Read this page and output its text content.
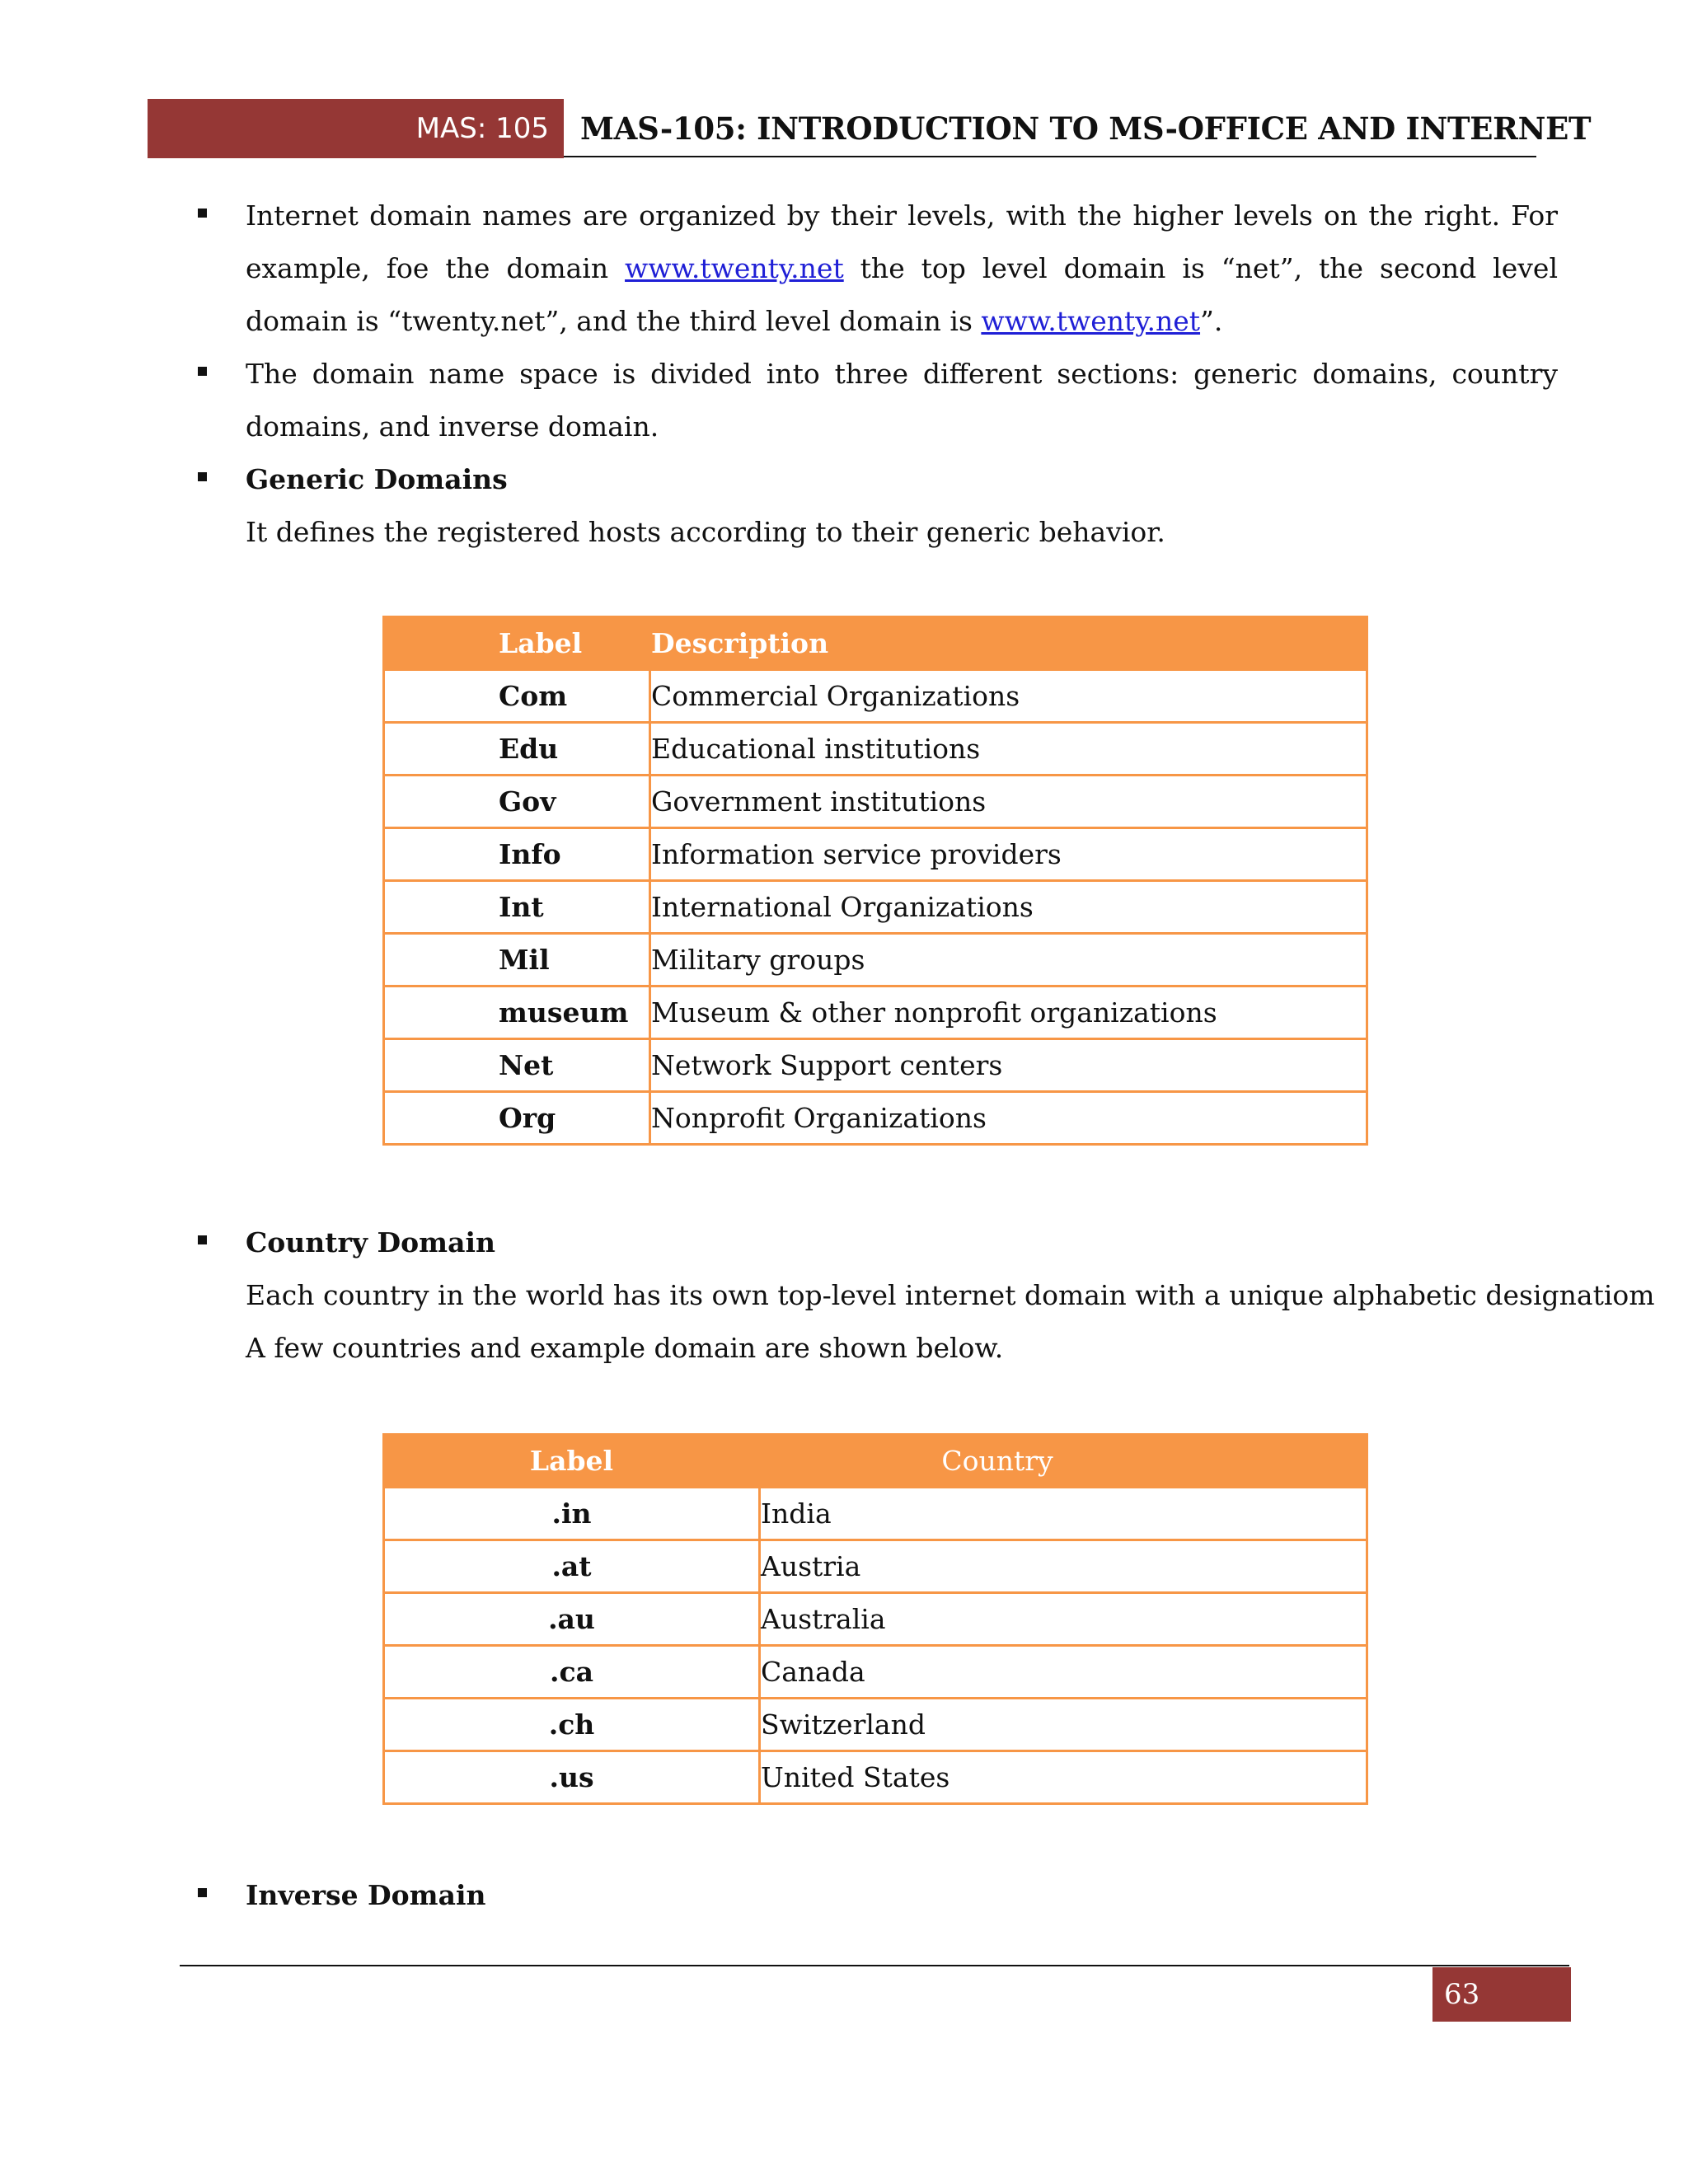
MAS: 105	MAS-105: INTRODUCTION TO MS-OFFICE AND INTERNET
Internet domain names are organized by their levels, with the higher levels on the right. For example, foe the domain www.twenty.net the top level domain is “net”, the second level domain is “twenty.net”, and the third level domain is www.twenty.net”.
The domain name space is divided into three different sections: generic domains, country domains, and inverse domain.
Generic Domains
It defines the registered hosts according to their generic behavior.
Label	Description
Com	Commercial Organizations
Edu	Educational institutions
Gov	Government institutions
Info	Information service providers
Int	International Organizations
Mil	Military groups
museum	Museum & other nonprofit organizations
Net	Network Support centers
Org	Nonprofit Organizations
Country Domain
Each country in the world has its own top-level internet domain with a unique alphabetic designatiom
A few countries and example domain are shown below.
Label	Country
.in	India
.at	Austria
.au	Australia
.ca	Canada
.ch	Switzerland
.us	United States
Inverse Domain
63
